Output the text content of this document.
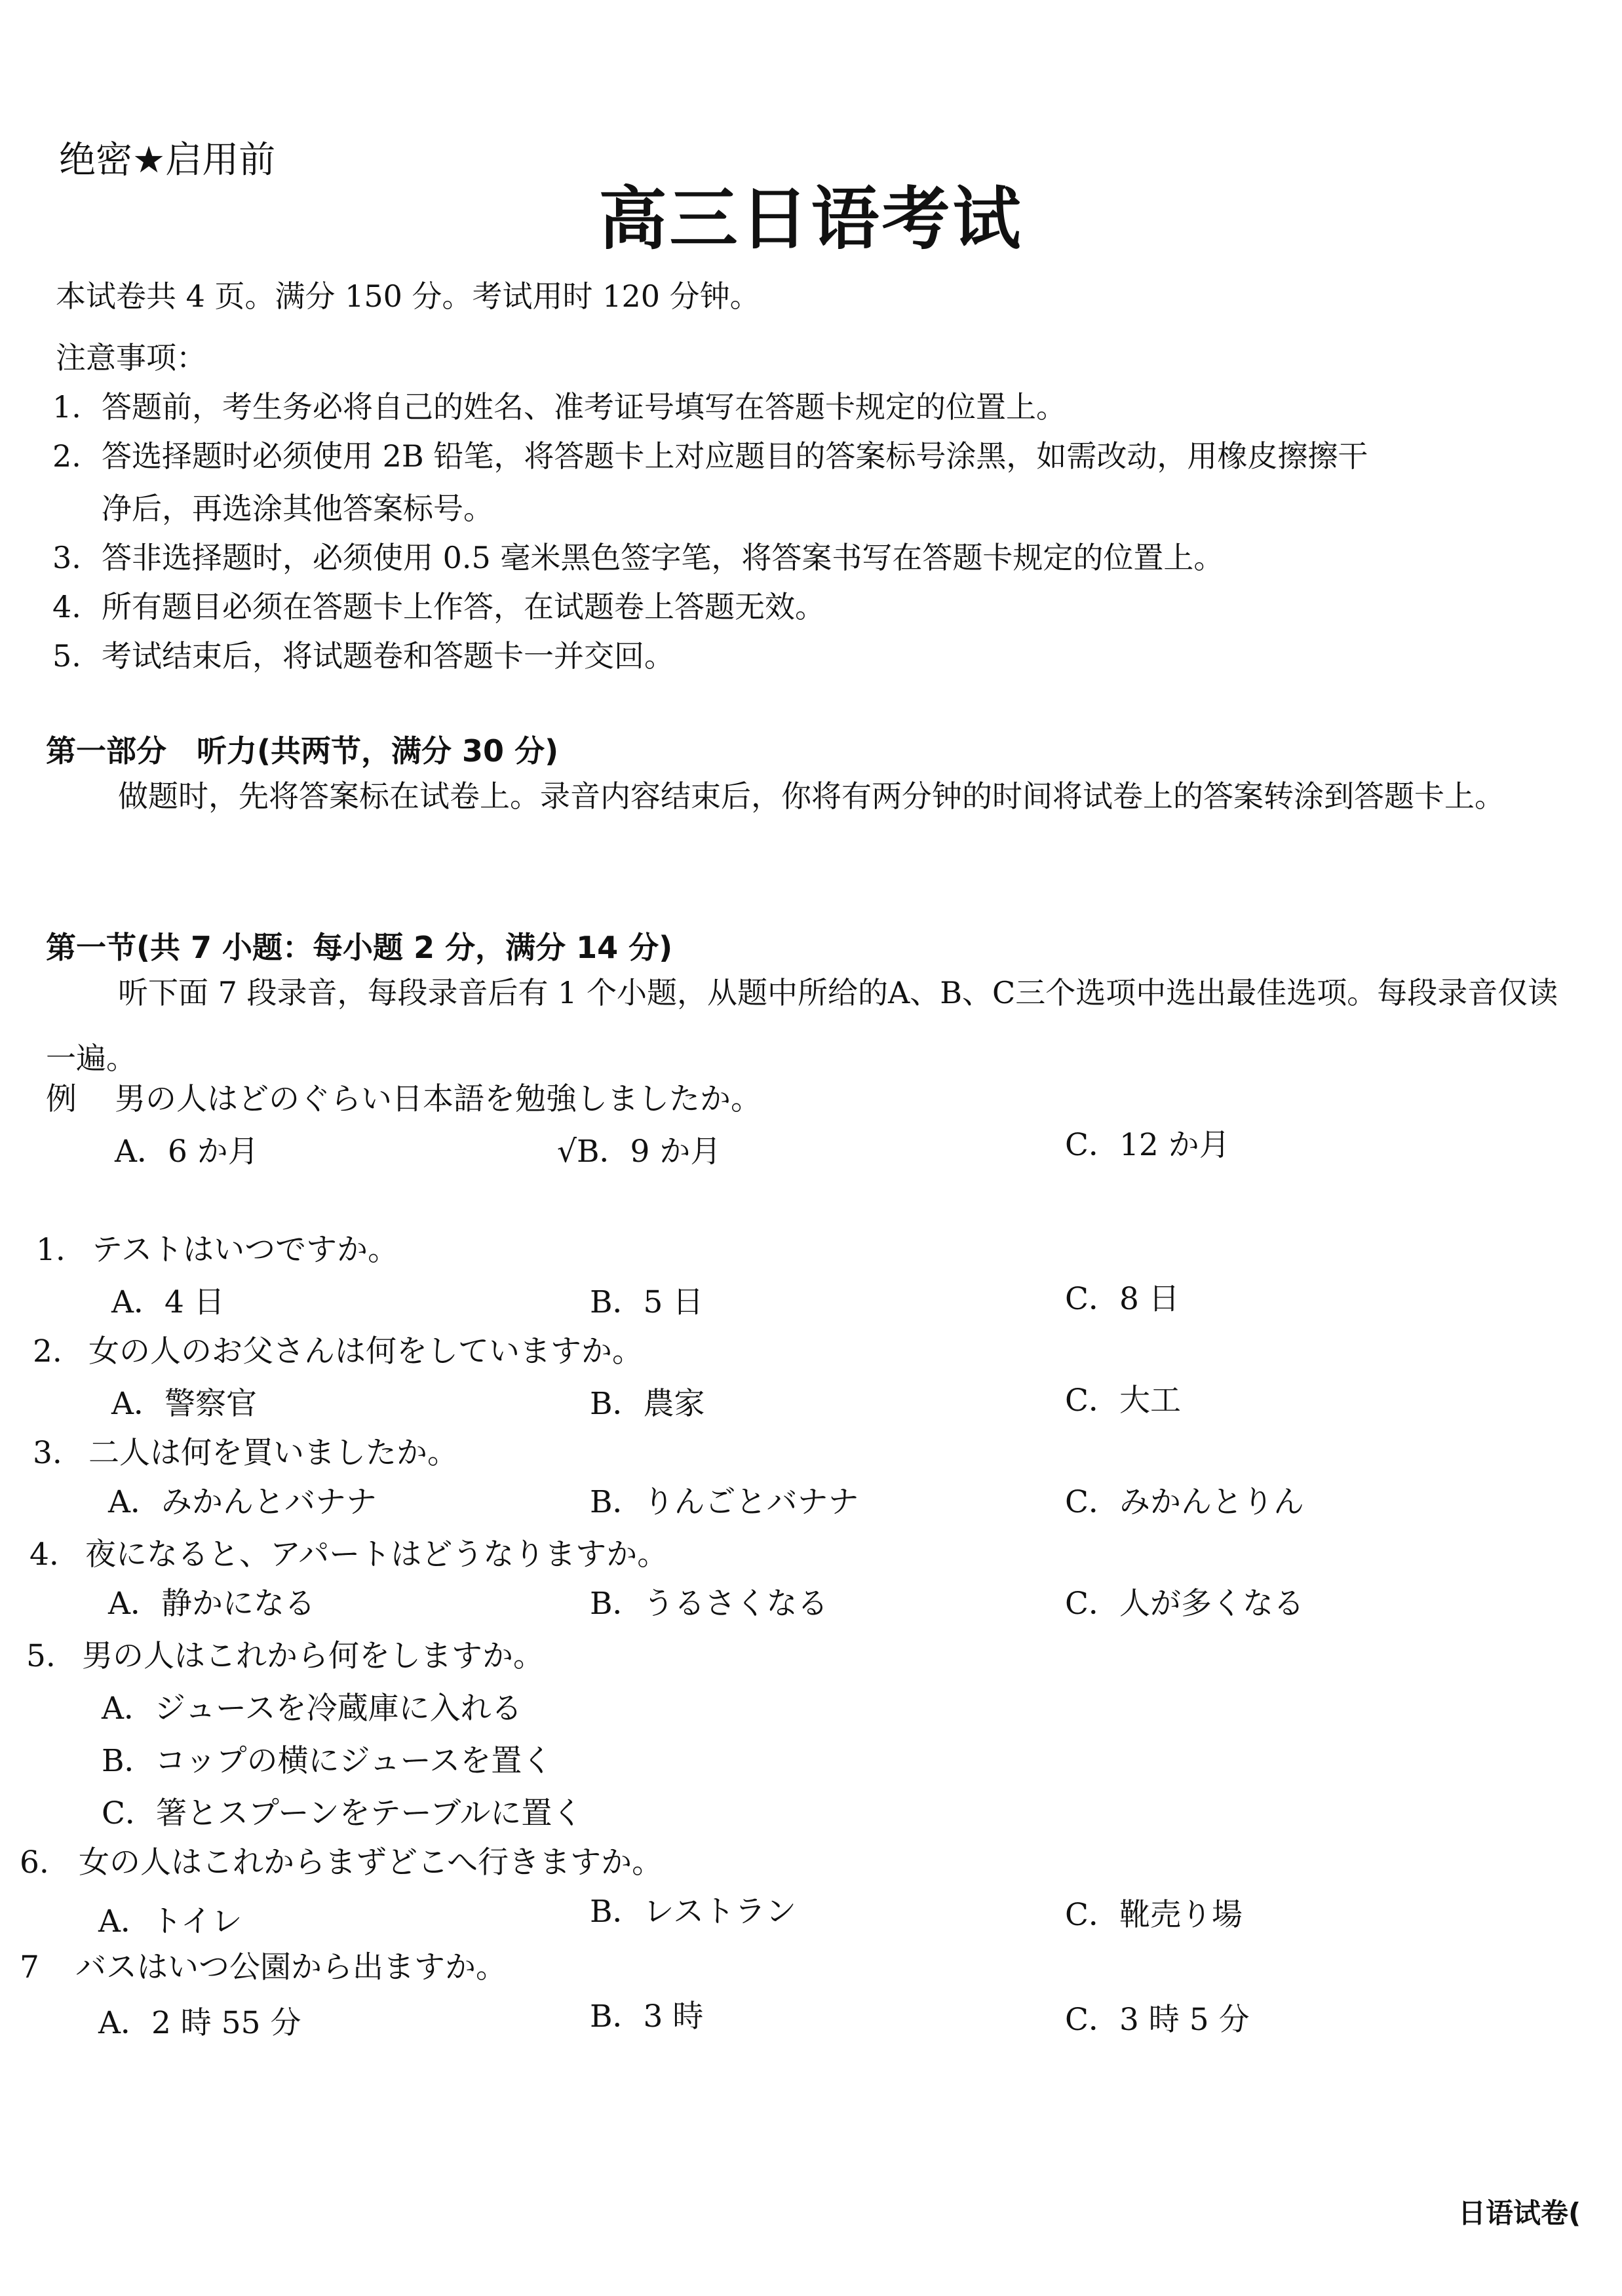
绝密★启用前
高三日语考试
本试卷共 4 页。满分 150 分。考试用时 120 分钟。
注意事项：
1. 答题前，考生务必将自己的姓名、准考证号填写在答题卡规定的位置上。
2. 答选择题时必须使用 2B 铅笔，将答题卡上对应题目的答案标号涂黑，如需改动，用橡皮擦擦干
净后，再选涂其他答案标号。
3. 答非选择题时，必须使用 0.5 毫米黑色签字笔，将答案书写在答题卡规定的位置上。
4. 所有题目必须在答题卡上作答，在试题卷上答题无效。
5. 考试结束后，将试题卷和答题卡一并交回。
第一部分　听力(共两节，满分 30 分)
做题时，先将答案标在试卷上。录音内容结束后，你将有两分钟的时间将试卷上的答案转涂到答题卡上。
第一节(共 7 小题：每小题 2 分，满分 14 分)
听下面 7 段录音，每段录音后有 1 个小题，从题中所给的A、B、C三个选项中选出最佳选项。每段录音仅读一遍。
例 男の人はどのぐらい日本語を勉強しましたか。
A．6 か月	√B．9 か月	C．12 か月
1. テストはいつですか。
A．4 日	B．5 日	C．8 日
2. 女の人のお父さんは何をしていますか。
A．警察官	B．農家	C．大工
3. 二人は何を買いましたか。
A．みかんとバナナ	B．りんごとバナナ	C．みかんとりん
4. 夜になると、アパートはどうなりますか。
A．静かになる	B．うるさくなる	C．人が多くなる
5. 男の人はこれから何をしますか。
A．ジュースを冷蔵庫に入れる
B．コップの横にジュースを置く
C．箸とスプーンをテーブルに置く
6. 女の人はこれからまずどこへ行きますか。
A．トイレ	B．レストラン	C．靴売り場
7 バスはいつ公園から出ますか。
A．2 時 55 分	B．3 時	C．3 時 5 分
日语试卷(
